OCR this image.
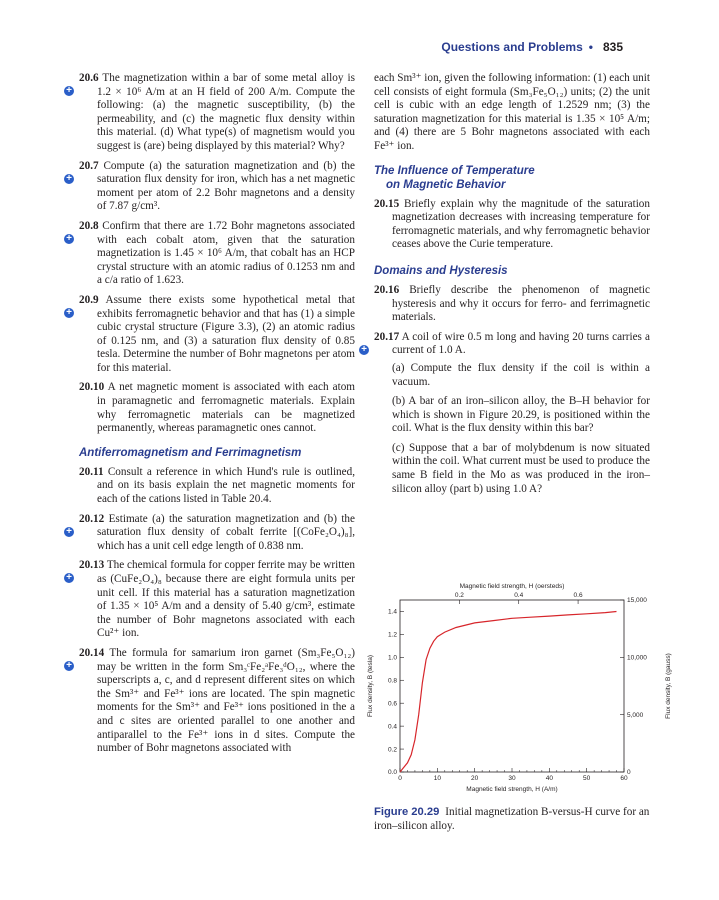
Questions and Problems • 835

+
20.6 The magnetization within a bar of some metal alloy is 1.2 × 10⁶ A/m at an H field of 200 A/m. Compute the following: (a) the magnetic susceptibility, (b) the permeability, and (c) the magnetic flux density within this material. (d) What type(s) of magnetism would you suggest is (are) being displayed by this material? Why?

+
20.7 Compute (a) the saturation magnetization and (b) the saturation flux density for iron, which has a net magnetic moment per atom of 2.2 Bohr magnetons and a density of 7.87 g/cm³.

+
20.8 Confirm that there are 1.72 Bohr magnetons associated with each cobalt atom, given that the saturation magnetization is 1.45 × 10⁶ A/m, that cobalt has an HCP crystal structure with an atomic radius of 0.1253 nm and a c/a ratio of 1.623.

+
20.9 Assume there exists some hypothetical metal that exhibits ferromagnetic behavior and that has (1) a simple cubic crystal structure (Figure 3.3), (2) an atomic radius of 0.125 nm, and (3) a saturation flux density of 0.85 tesla. Determine the number of Bohr magnetons per atom for this material.

20.10 A net magnetic moment is associated with each atom in paramagnetic and ferromagnetic materials. Explain why ferromagnetic materials can be magnetized permanently, whereas paramagnetic ones cannot.

Antiferromagnetism and Ferrimagnetism

20.11 Consult a reference in which Hund's rule is outlined, and on its basis explain the net magnetic moments for each of the cations listed in Table 20.4.

+
20.12 Estimate (a) the saturation magnetization and (b) the saturation flux density of cobalt ferrite [(CoFe₂O₄)₈], which has a unit cell edge length of 0.838 nm.

+
20.13 The chemical formula for copper ferrite may be written as (CuFe₂O₄)₈ because there are eight formula units per unit cell. If this material has a saturation magnetization of 1.35 × 10⁵ A/m and a density of 5.40 g/cm³, estimate the number of Bohr magnetons associated with each Cu²⁺ ion.

+
20.14 The formula for samarium iron garnet (Sm₃Fe₅O₁₂) may be written in the form Sm₃ᶜFe₂ᵃFe₃ᵈO₁₂, where the superscripts a, c, and d represent different sites on which the Sm³⁺ and Fe³⁺ ions are located. The spin magnetic moments for the Sm³⁺ and Fe³⁺ ions positioned in the a and c sites are oriented parallel to one another and antiparallel to the Fe³⁺ ions in d sites. Compute the number of Bohr magnetons associated with

each Sm³⁺ ion, given the following information: (1) each unit cell consists of eight formula (Sm₃Fe₅O₁₂) units; (2) the unit cell is cubic with an edge length of 1.2529 nm; (3) the saturation magnetization for this material is 1.35 × 10⁵ A/m; and (4) there are 5 Bohr magnetons associated with each Fe³⁺ ion.

The Influence of Temperature
on Magnetic Behavior

20.15 Briefly explain why the magnitude of the saturation magnetization decreases with increasing temperature for ferromagnetic materials, and why ferromagnetic behavior ceases above the Curie temperature.

Domains and Hysteresis

20.16 Briefly describe the phenomenon of magnetic hysteresis and why it occurs for ferro- and ferrimagnetic materials.

+
20.17 A coil of wire 0.5 m long and having 20 turns carries a current of 1.0 A.

(a) Compute the flux density if the coil is within a vacuum.

(b) A bar of an iron–silicon alloy, the B–H behavior for which is shown in Figure 20.29, is positioned within the coil. What is the flux density within this bar?

(c) Suppose that a bar of molybdenum is now situated within the coil. What current must be used to produce the same B field in the Mo as was produced in the iron–silicon alloy (part b) using 1.0 A?

0	10	20	30	40	50	60
0.0
0.2
0.4
0.6
0.8
1.0
1.2
1.4
0.2	0.4	0.6
0
5,000
10,000
15,000
Magnetic field strength, H (oersteds)
Magnetic field strength, H (A/m)
Flux density, B (tesla)	Flux density, B (gauss)
Figure 20.29 Initial magnetization B-versus-H curve for an iron–silicon alloy.
